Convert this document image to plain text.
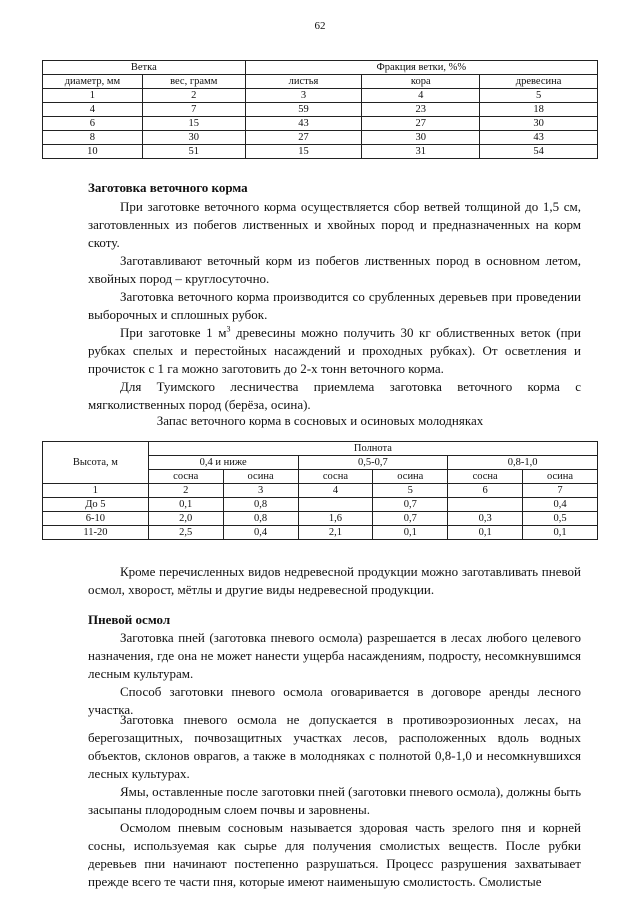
62
Ветка		Фракция ветки, %%		
диаметр, мм	вес, грамм	листья	кора	древесина
1	2	3	4	5
4	7	59	23	18
6	15	43	27	30
8	30	27	30	43
10	51	15	31	54
Заготовка веточного корма
При заготовке веточного корма осуществляется сбор ветвей толщиной до 1,5 см, заготовленных из побегов лиственных и хвойных пород и предназначенных на корм скоту.
Заготавливают веточный корм из побегов лиственных пород в основном летом, хвойных пород – круглосуточно.
Заготовка веточного корма производится со срубленных деревьев при проведении выборочных и сплошных рубок.
При заготовке 1 $м^3$ древесины можно получить 30 кг облиственных веток (при рубках спелых и перестойных насаждений и проходных рубках). От осветления и прочисток с 1 га можно заготовить до 2-х тонн веточного корма.
Для Туимского лесничества приемлема заготовка веточного корма с мягколиственных пород (берёза, осина).
Запас веточного корма в сосновых и осиновых молодняках
Высота, м	Полнота					
	0,4 и ниже		0,5-0,7		0,8-1,0	
	сосна	осина	сосна	осина	сосна	осина
1	2	3	4	5	6	7
До 5	0,1	0,8		0,7		0,4
6-10	2,0	0,8	1,6	0,7	0,3	0,5
11-20	2,5	0,4	2,1	0,1	0,1	0,1
Кроме перечисленных видов недревесной продукции можно заготавливать пневой осмол, хворост, мётлы и другие виды недревесной продукции.
Пневой осмол
Заготовка пней (заготовка пневого осмола) разрешается в лесах любого целевого назначения, где она не может нанести ущерба насаждениям, подросту, несомкнувшимся лесным культурам.
Способ заготовки пневого осмола оговаривается в договоре аренды лесного участка.
Заготовка пневого осмола не допускается в противоэрозионных лесах, на берегозащитных, почвозащитных участках лесов, расположенных вдоль водных объектов, склонов оврагов, а также в молодняках с полнотой 0,8-1,0 и несомкнувшихся лесных культурах.
Ямы, оставленные после заготовки пней (заготовки пневого осмола), должны быть засыпаны плодородным слоем почвы и заровнены.
Осмолом пневым сосновым называется здоровая часть зрелого пня и корней сосны, используемая как сырье для получения смолистых веществ. После рубки деревьев пни начинают постепенно разрушаться. Процесс разрушения захватывает прежде всего те части пня, которые имеют наименьшую смолистость. Смолистые
